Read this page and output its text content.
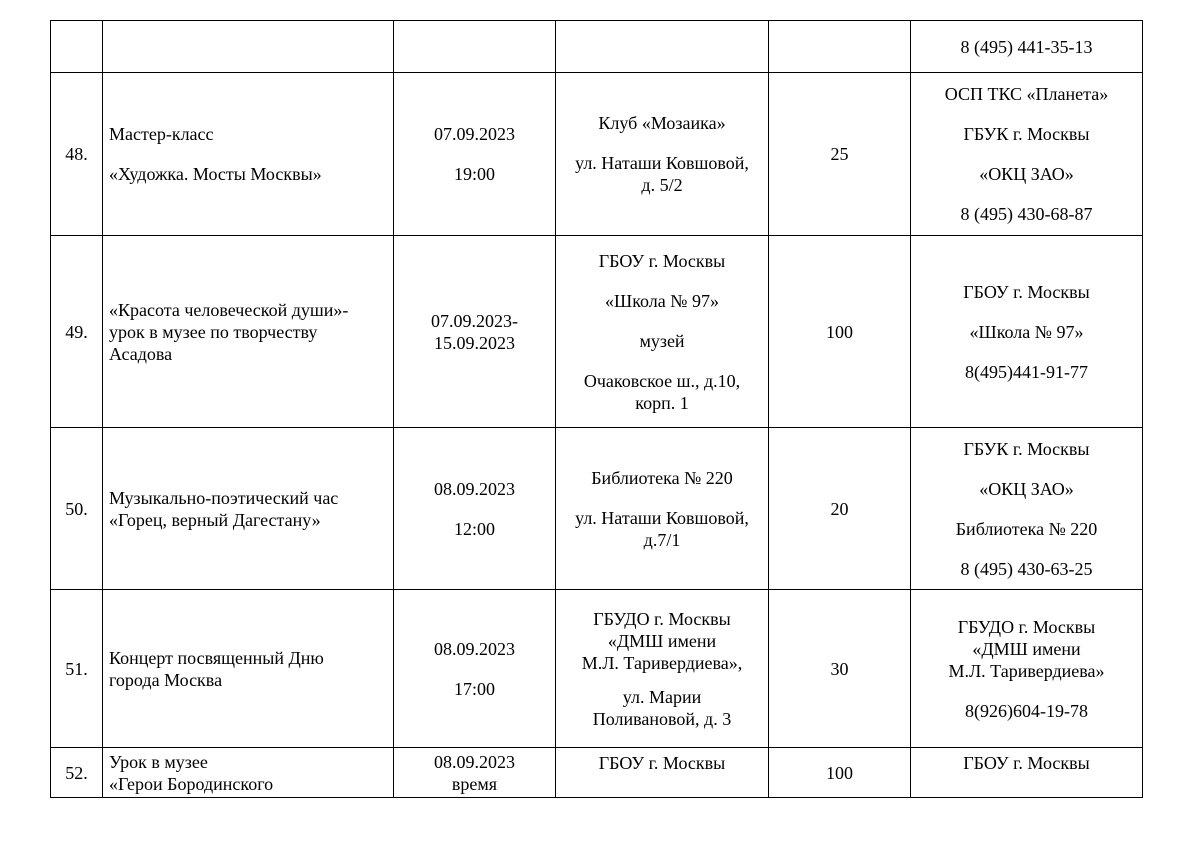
					8 (495) 441-35-13

48.	Мастер-класс
«Художка. Мосты Москвы»	07.09.2023
19:00	Клуб «Мозаика»
ул. Наташи Ковшовой,
д. 5/2	25	ОСП ТКС «Планета»
ГБУК г. Москвы
«ОКЦ ЗАО»
8 (495) 430-68-87

49.	«Красота человеческой души»-
урок в музее по творчеству
Асадова	07.09.2023-
15.09.2023	ГБОУ г. Москвы
«Школа № 97»
музей
Очаковское ш., д.10,
корп. 1	100	ГБОУ г. Москвы
«Школа № 97»
8(495)441-91-77

50.	Музыкально-поэтический час
«Горец, верный Дагестану»	08.09.2023
12:00	Библиотека № 220
ул. Наташи Ковшовой,
д.7/1	20	ГБУК г. Москвы
«ОКЦ ЗАО»
Библиотека № 220
8 (495) 430-63-25

51.	Концерт посвященный Дню
города Москва	08.09.2023
17:00	ГБУДО г. Москвы
«ДМШ имени
М.Л. Таривердиева»,
ул. Марии
Поливановой, д. 3	30	ГБУДО г. Москвы
«ДМШ имени
М.Л. Таривердиева»
8(926)604-19-78

52.	Урок в музее
«Герои Бородинского	08.09.2023
время	ГБОУ г. Москвы	100	ГБОУ г. Москвы
